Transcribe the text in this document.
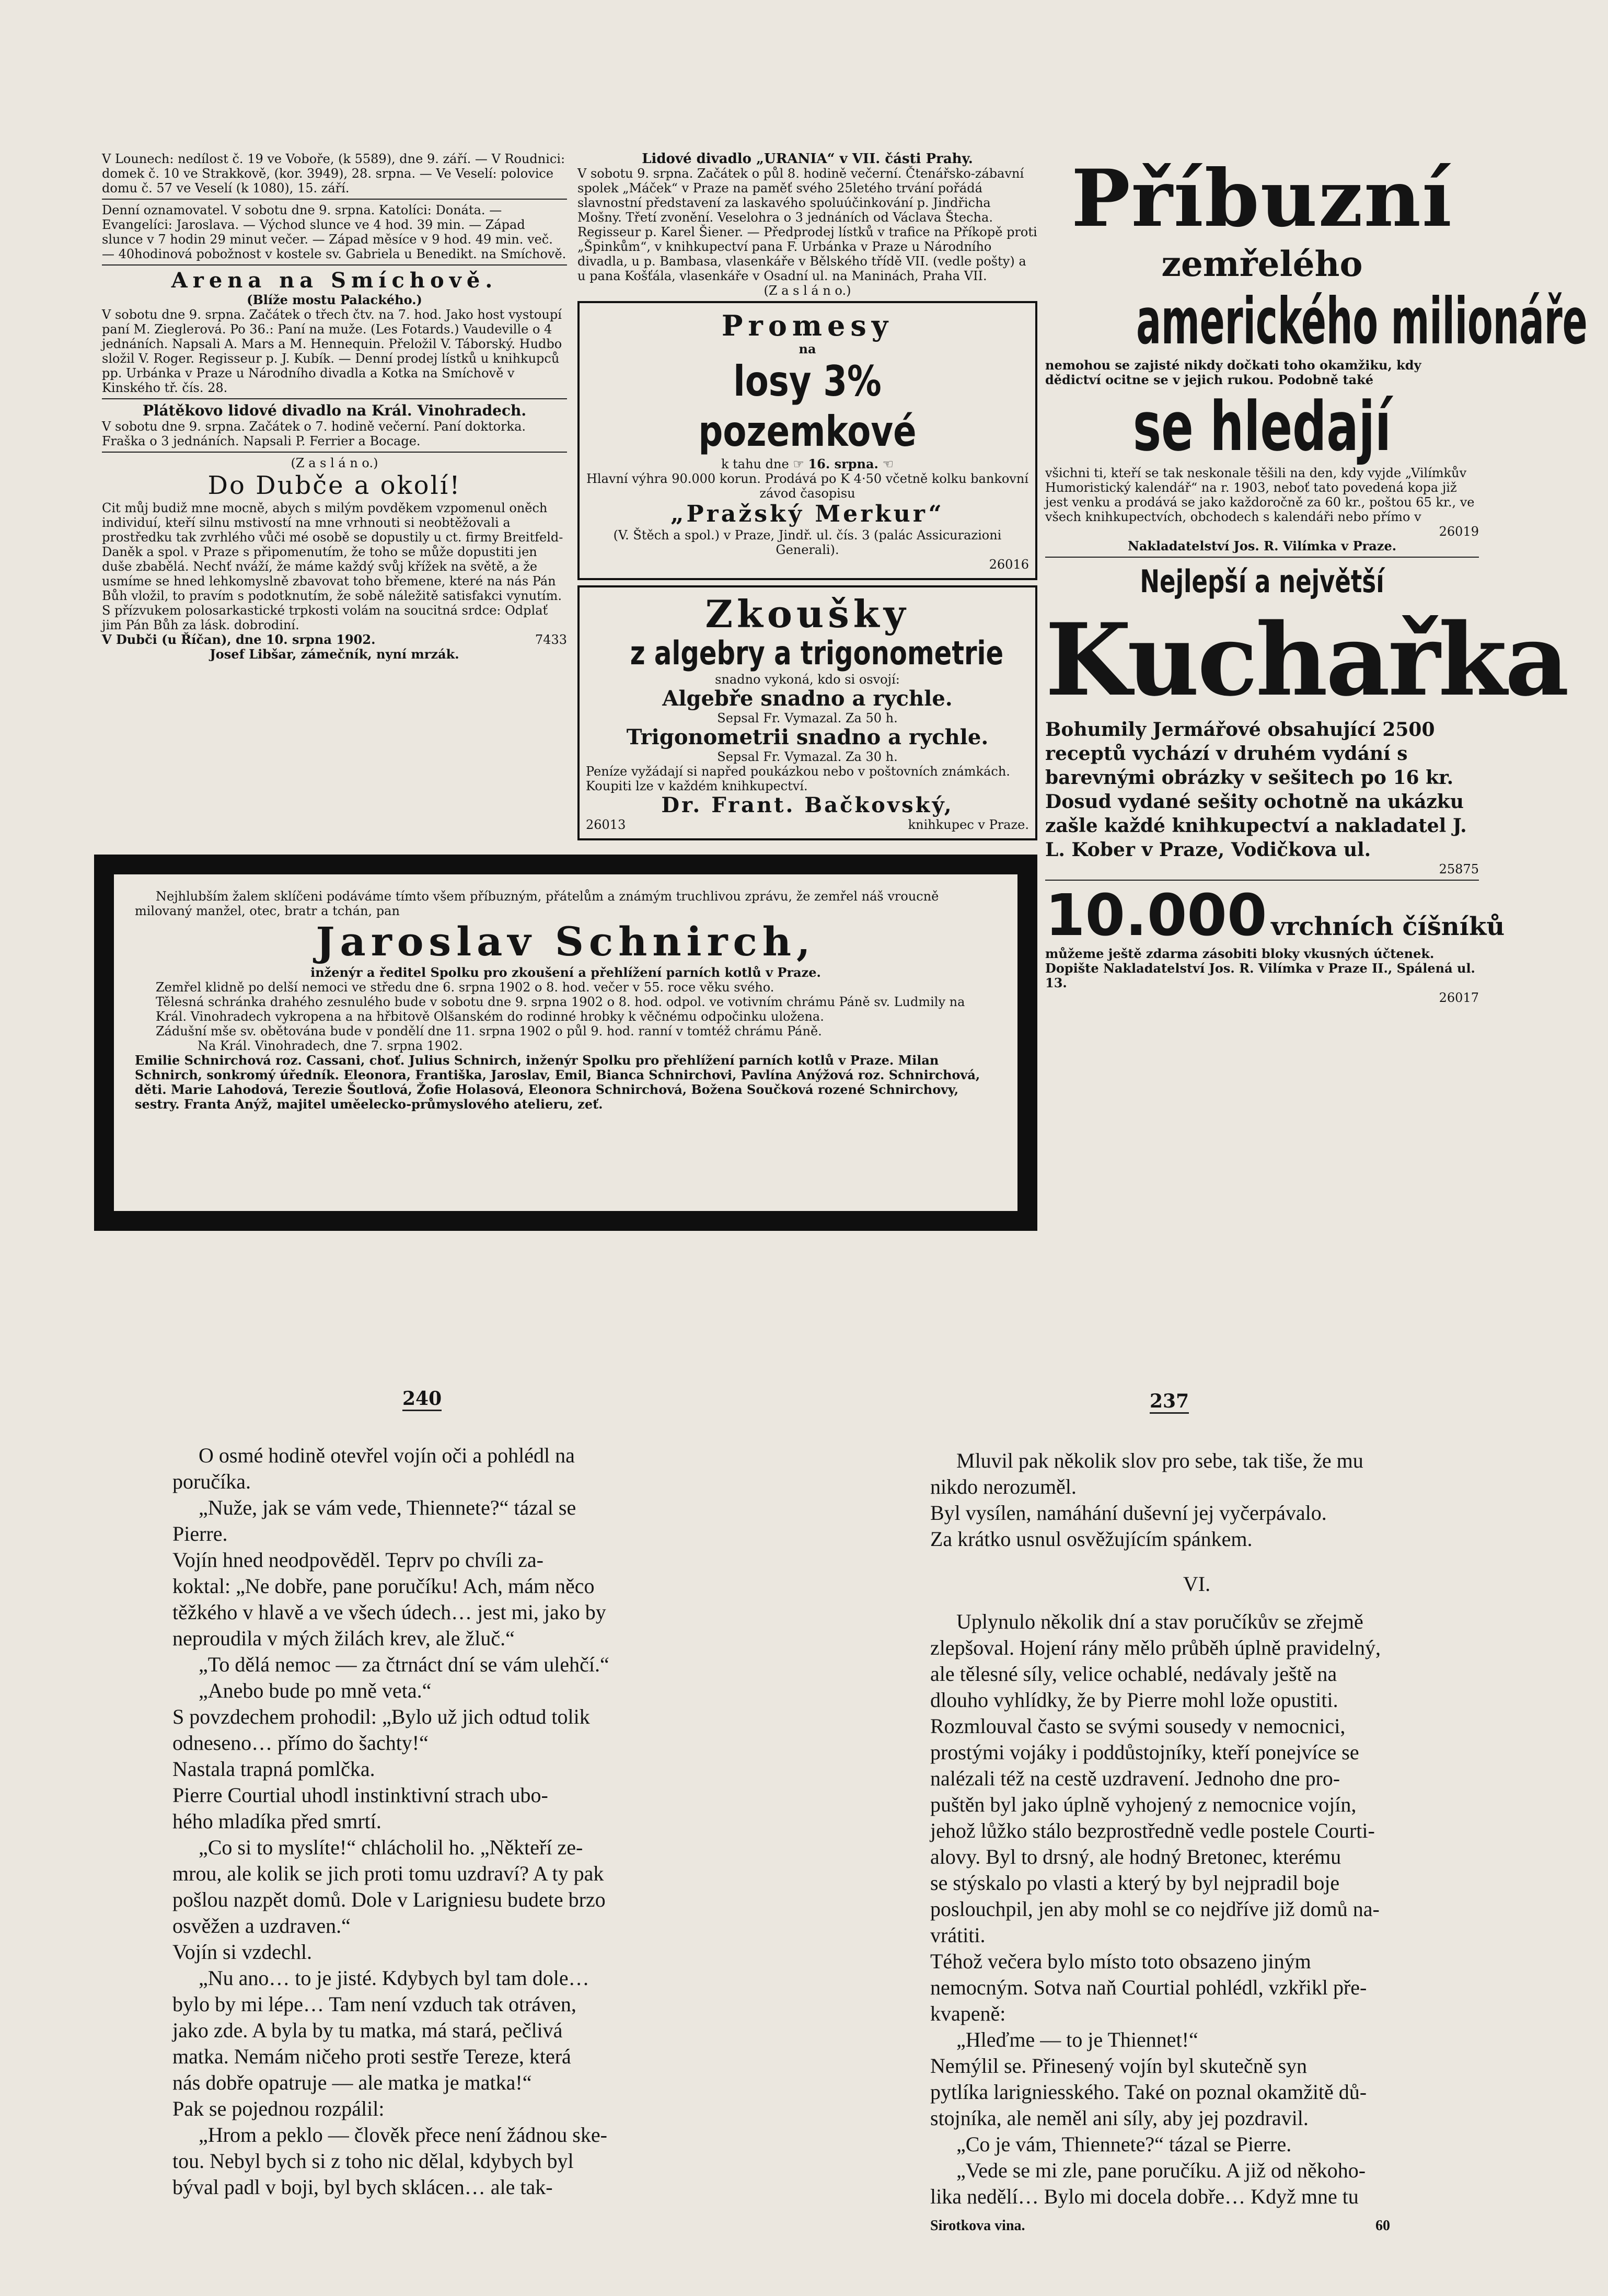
V Lounech: nedílost č. 19 ve Voboře, (k 5589), dne 9. září. — V Roudnici: domek č. 10 ve Strakkově, (kor. 3949), 28. srpna. — Ve Veselí: polovice domu č. 57 ve Veselí (k 1080), 15. září.
Denní oznamovatel. V sobotu dne 9. srpna. Katolíci: Donáta. — Evangelíci: Jaroslava. — Východ slunce ve 4 hod. 39 min. — Západ slunce v 7 hodin 29 minut večer. — Západ měsíce v 9 hod. 49 min. več. — 40hodinová pobožnost v kostele sv. Gabriela u Benedikt. na Smíchově.
Arena na Smíchově.
(Blíže mostu Palackého.)
V sobotu dne 9. srpna. Začátek o třech čtv. na 7. hod. Jako host vystoupí paní M. Zieglerová. Po 36.: Paní na muže. (Les Fotards.) Vaudeville o 4 jednáních. Napsali A. Mars a M. Hennequin. Přeložil V. Táborský. Hudbo složil V. Roger. Regisseur p. J. Kubík. — Denní prodej lístků u knihkupců pp. Urbánka v Praze u Národního divadla a Kotka na Smíchově v Kinského tř. čís. 28.
Plátěkovo lidové divadlo na Král. Vinohradech.
V sobotu dne 9. srpna. Začátek o 7. hodině večerní. Paní doktorka. Fraška o 3 jednáních. Napsali P. Ferrier a Bocage.
(Z a s l á n o.)
Do Dubče a okolí!
Cit můj budiž mne mocně, abych s milým povděkem vzpomenul oněch individuí, kteří silnu mstivostí na mne vrhnouti si neobtěžovali a prostředku tak zvrhlého vůči mé osobě se dopustily u ct. firmy Breitfeld-Daněk a spol. v Praze s připomenutím, že toho se může dopustiti jen duše zbabělá. Nechť nváží, že máme každý svůj křížek na světě, a že usmíme se hned lehkomyslně zbavovat toho břemene, které na nás Pán Bůh vložil, to pravím s podotknutím, že sobě náležitě satisfakci vynutím.
S přízvukem polosarkastické trpkosti volám na soucitná srdce: Odplať jim Pán Bůh za lásk. dobrodiní.
V Dubči (u Říčan), dne 10. srpna 1902.	7433
Josef Libšar, zámečník, nyní mrzák.
Lidové divadlo „URANIA“ v VII. části Prahy.
V sobotu 9. srpna. Začátek o půl 8. hodině večerní. Čtenářsko-zábavní spolek „Máček“ v Praze na paměť svého 25letého trvání pořádá slavnostní představení za laskavého spoluúčinkování p. Jindřicha Mošny. Třetí zvonění. Veselohra o 3 jednáních od Václava Štecha. Regisseur p. Karel Šiener. — Předprodej lístků v trafice na Příkopě proti „Špinkům“, v knihkupectví pana F. Urbánka v Praze u Národního divadla, u p. Bambasa, vlasenkáře v Bělského třídě VII. (vedle pošty) a u pana Košťála, vlasenkáře v Osadní ul. na Maninách, Praha VII.
(Z a s l á n o.)
Promesy
na
losy 3% pozemkové
k tahu dne ☞ 16. srpna. ☜
Hlavní výhra 90.000 korun. Prodává po K 4·50 včetně kolku bankovní závod časopisu
„Pražský Merkur“
(V. Štěch a spol.) v Praze, Jindř. ul. čís. 3 (palác Assicurazioni Generali).
26016
Zkoušky
z algebry a trigonometrie
snadno vykoná, kdo si osvojí:
Algebře snadno a rychle.
Sepsal Fr. Vymazal. Za 50 h.
Trigonometrii snadno a rychle.
Sepsal Fr. Vymazal. Za 30 h.
Peníze vyžádají si napřed poukázkou nebo v poštovních známkách. Koupiti lze v každém knihkupectví.
Dr. Frant. Bačkovský,
26013	knihkupec v Praze.
Příbuzní
zemřelého
amerického milionáře
nemohou se zajisté nikdy dočkati toho okamžiku, kdy dědictví ocitne se v jejich rukou. Podobně také
se hledají
všichni ti, kteří se tak neskonale těšili na den, kdy vyjde „Vilímkův Humoristický kalendář“ na r. 1903, neboť tato povedená kopa již jest venku a prodává se jako každoročně za 60 kr., poštou 65 kr., ve všech knihkupectvích, obchodech s kalendáři nebo přímo v
26019
Nakladatelství Jos. R. Vilímka v Praze.
Nejlepší a největší
Kuchařka
Bohumily Jermářové obsahující 2500 receptů vychází v druhém vydání s barevnými obrázky v sešitech po 16 kr. Dosud vydané sešity ochotně na ukázku zašle každé knihkupectví a nakladatel J. L. Kober v Praze, Vodičkova ul.
25875
10.000 vrchních číšníků
můžeme ještě zdarma zásobiti bloky vkusných účtenek. Dopište Nakladatelství Jos. R. Vilímka v Praze II., Spálená ul. 13.
26017
Nejhlubším žalem sklíčeni podáváme tímto všem příbuzným, přátelům a známým truchlivou zprávu, že zemřel náš vroucně milovaný manžel, otec, bratr a tchán, pan
Jaroslav Schnirch,
inženýr a ředitel Spolku pro zkoušení a přehlížení parních kotlů v Praze.
Zemřel klidně po delší nemoci ve středu dne 6. srpna 1902 o 8. hod. večer v 55. roce věku svého.
Tělesná schránka drahého zesnulého bude v sobotu dne 9. srpna 1902 o 8. hod. odpol. ve votivním chrámu Páně sv. Ludmily na Král. Vinohradech vykropena a na hřbitově Olšanském do rodinné hrobky k věčnému odpočinku uložena.
Zádušní mše sv. obětována bude v pondělí dne 11. srpna 1902 o půl 9. hod. ranní v tomtéž chrámu Páně.
Na Král. Vinohradech, dne 7. srpna 1902.
Emilie Schnirchová roz. Cassani, choť. Julius Schnirch, inženýr Spolku pro přehlížení parních kotlů v Praze. Milan Schnirch, sonkromý úředník. Eleonora, Františka, Jaroslav, Emil, Bianca Schnirchovi, Pavlína Anýžová roz. Schnirchová, děti. Marie Lahodová, Terezie Šoutlová, Žofie Holasová, Eleonora Schnirchová, Božena Součková rozené Schnirchovy, sestry. Franta Anýž, majitel uměelecko-průmyslového atelieru, zeť.
240
O osmé hodině otevřel vojín oči a pohlédl na
poručíka.
„Nuže, jak se vám vede, Thiennete?“ tázal se
Pierre.
Vojín hned neodpověděl. Teprv po chvíli za-
koktal: „Ne dobře, pane poručíku! Ach, mám něco
těžkého v hlavě a ve všech údech… jest mi, jako by
neproudila v mých žilách krev, ale žluč.“
„To dělá nemoc — za čtrnáct dní se vám ulehčí.“
„Anebo bude po mně veta.“
S povzdechem prohodil: „Bylo už jich odtud tolik
odneseno… přímo do šachty!“
Nastala trapná pomlčka.
Pierre Courtial uhodl instinktivní strach ubo-
hého mladíka před smrtí.
„Co si to myslíte!“ chlácholil ho. „Někteří ze-
mrou, ale kolik se jich proti tomu uzdraví? A ty pak
pošlou nazpět domů. Dole v Larigniesu budete brzo
osvěžen a uzdraven.“
Vojín si vzdechl.
„Nu ano… to je jisté. Kdybych byl tam dole…
bylo by mi lépe… Tam není vzduch tak otráven,
jako zde. A byla by tu matka, má stará, pečlivá
matka. Nemám ničeho proti sestře Tereze, která
nás dobře opatruje — ale matka je matka!“
Pak se pojednou rozpálil:
„Hrom a peklo — člověk přece není žádnou ske-
tou. Nebyl bych si z toho nic dělal, kdybych byl
býval padl v boji, byl bych sklácen… ale tak-
237
Mluvil pak několik slov pro sebe, tak tiše, že mu
nikdo nerozuměl.
Byl vysílen, namáhání duševní jej vyčerpávalo.
Za krátko usnul osvěžujícím spánkem.
VI.
Uplynulo několik dní a stav poručíkův se zřejmě
zlepšoval. Hojení rány mělo průběh úplně pravidelný,
ale tělesné síly, velice ochablé, nedávaly ještě na
dlouho vyhlídky, že by Pierre mohl lože opustiti.
Rozmlouval často se svými sousedy v nemocnici,
prostými vojáky i poddůstojníky, kteří ponejvíce se
nalézali též na cestě uzdravení. Jednoho dne pro-
puštěn byl jako úplně vyhojený z nemocnice vojín,
jehož lůžko stálo bezprostředně vedle postele Courti-
alovy. Byl to drsný, ale hodný Bretonec, kterému
se stýskalo po vlasti a který by byl nejpradil boje
poslouchpil, jen aby mohl se co nejdříve již domů na-
vrátiti.
Téhož večera bylo místo toto obsazeno jiným
nemocným. Sotva naň Courtial pohlédl, vzkřikl pře-
kvapeně:
„Hleďme — to je Thiennet!“
Nemýlil se. Přinesený vojín byl skutečně syn
pytlíka larigniesského. Také on poznal okamžitě dů-
stojníka, ale neměl ani síly, aby jej pozdravil.
„Co je vám, Thiennete?“ tázal se Pierre.
„Vede se mi zle, pane poručíku. A již od někoho-
lika nedělí… Bylo mi docela dobře… Když mne tu
Sirotkova vina.	60
